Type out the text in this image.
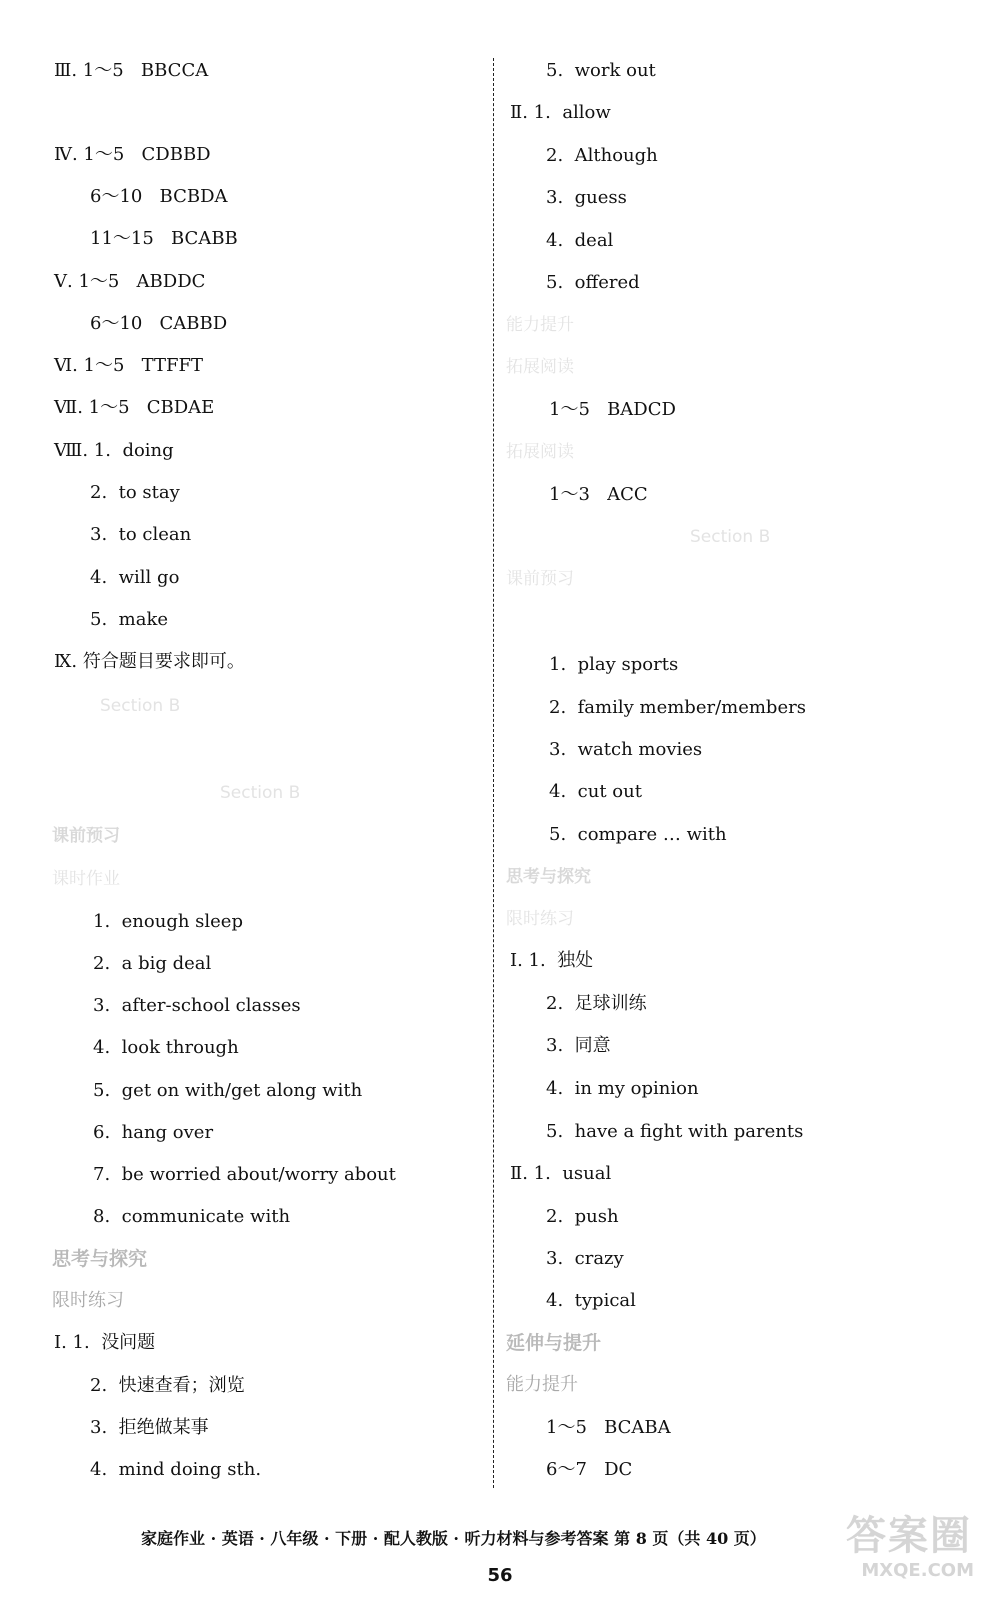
Ⅲ. 1～5 BBCCA
Ⅳ. 1～5 CDBBD
6～10 BCBDA
11～15 BCABB
Ⅴ. 1～5 ABDDC
6～10 CABBD
Ⅵ. 1～5 TTFFT
Ⅶ. 1～5 CBDAE
Ⅷ. 1. doing
2. to stay
3. to clean
4. will go
5. make
Ⅸ. 符合题目要求即可。
Section B
Section B
课前预习
课时作业
1. enough sleep
2. a big deal
3. after-school classes
4. look through
5. get on with/get along with
6. hang over
7. be worried about/worry about
8. communicate with
思考与探究
限时练习
Ⅰ. 1. 没问题
2. 快速查看；浏览
3. 拒绝做某事
4. mind doing sth.
5. work out
Ⅱ. 1. allow
2. Although
3. guess
4. deal
5. offered
能力提升
拓展阅读
1～5 BADCD
拓展阅读
1～3 ACC
Section B
课前预习
1. play sports
2. family member/members
3. watch movies
4. cut out
5. compare … with
思考与探究
限时练习
Ⅰ. 1. 独处
2. 足球训练
3. 同意
4. in my opinion
5. have a fight with parents
Ⅱ. 1. usual
2. push
3. crazy
4. typical
延伸与提升
能力提升
1～5 BCABA
6～7 DC
家庭作业 · 英语 · 八年级 · 下册 · 配人教版 · 听力材料与参考答案 第 8 页（共 40 页）
56
答案圈
MXQE.COM
